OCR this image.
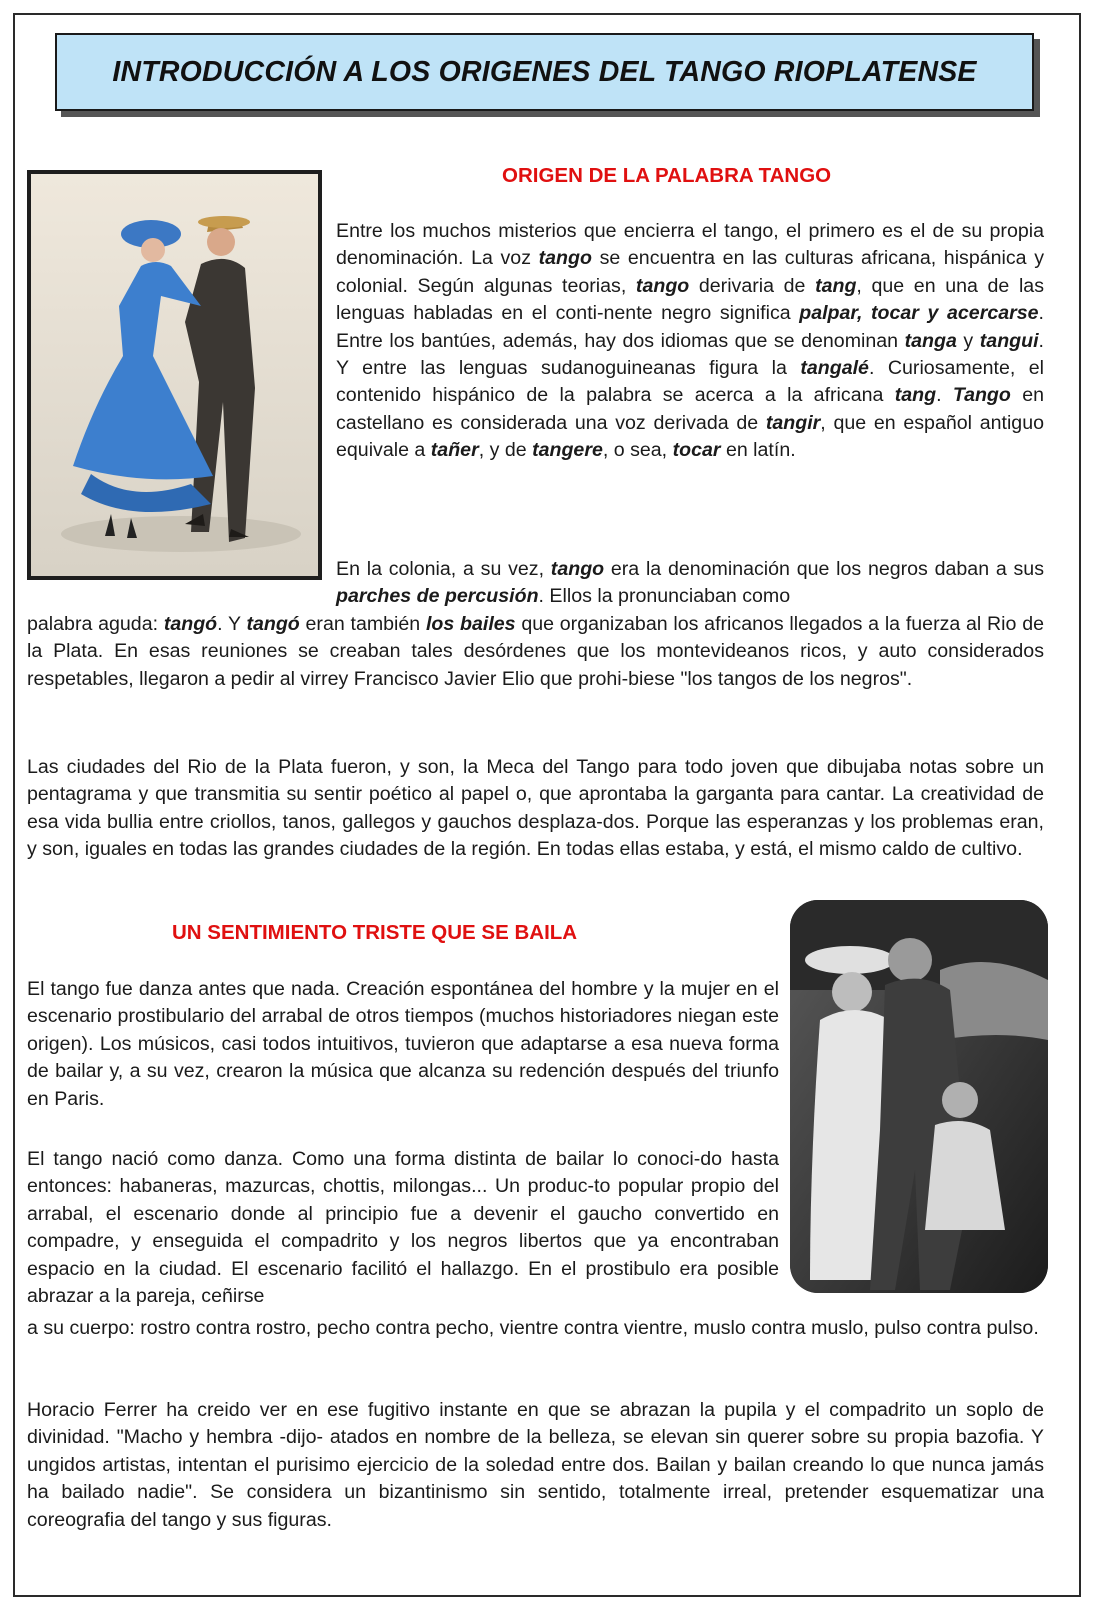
INTRODUCCIÓN A LOS ORIGENES DEL TANGO RIOPLATENSE
ORIGEN DE LA PALABRA TANGO

Entre los muchos misterios que encierra el tango, el primero es el de su propia denominación. La voz tango se encuentra en las culturas africana, hispánica y colonial. Según algunas teorias, tango derivaria de tang, que en una de las lenguas habladas en el conti-nente negro significa palpar, tocar y acercarse. Entre los bantúes, además, hay dos idiomas que se denominan tanga y tangui. Y entre las lenguas sudanoguineanas figura la tangalé. Curiosamente, el contenido hispánico de la palabra se acerca a la africana tang. Tango en castellano es considerada una voz derivada de tangir, que en español antiguo equivale a tañer, y de tangere, o sea, tocar en latín.

En la colonia, a su vez, tango era la denominación que los negros daban a sus parches de percusión. Ellos la pronunciaban como

palabra aguda: tangó. Y tangó eran también los bailes que organizaban los africanos llegados a la fuerza al Rio de la Plata. En esas reuniones se creaban tales desórdenes que los montevideanos ricos, y auto considerados respetables, llegaron a pedir al virrey Francisco Javier Elio que prohi-biese "los tangos de los negros".

Las ciudades del Rio de la Plata fueron, y son, la Meca del Tango para todo joven que dibujaba notas sobre un pentagrama y que transmitia su sentir poético al papel o, que aprontaba la garganta para cantar. La creatividad de esa vida bullia entre criollos, tanos, gallegos y gauchos desplaza-dos. Porque las esperanzas y los problemas eran, y son, iguales en todas las grandes ciudades de la región. En todas ellas estaba, y está, el mismo caldo de cultivo.

UN SENTIMIENTO TRISTE QUE SE BAILA

El tango fue danza antes que nada. Creación espontánea del hombre y la mujer en el escenario prostibulario del arrabal de otros tiempos (muchos historiadores niegan este origen). Los músicos, casi todos intuitivos, tuvieron que adaptarse a esa nueva forma de bailar y, a su vez, crearon la música que alcanza su redención después del triunfo en Paris.

El tango nació como danza. Como una forma distinta de bailar lo conoci-do hasta entonces: habaneras, mazurcas, chottis, milongas... Un produc-to popular propio del arrabal, el escenario donde al principio fue a devenir el gaucho convertido en compadre, y enseguida el compadrito y los negros libertos que ya encontraban espacio en la ciudad. El escenario facilitó el hallazgo. En el prostibulo era posible abrazar a la pareja, ceñirse

a su cuerpo: rostro contra rostro, pecho contra pecho, vientre contra vientre, muslo contra muslo, pulso contra pulso.

Horacio Ferrer ha creido ver en ese fugitivo instante en que se abrazan la pupila y el compadrito un soplo de divinidad. "Macho y hembra -dijo- atados en nombre de la belleza, se elevan sin querer sobre su propia bazofia. Y ungidos artistas, intentan el purisimo ejercicio de la soledad entre dos. Bailan y bailan creando lo que nunca jamás ha bailado nadie". Se considera un bizantinismo sin sentido, totalmente irreal, pretender esquematizar una coreografia del tango y sus figuras.
